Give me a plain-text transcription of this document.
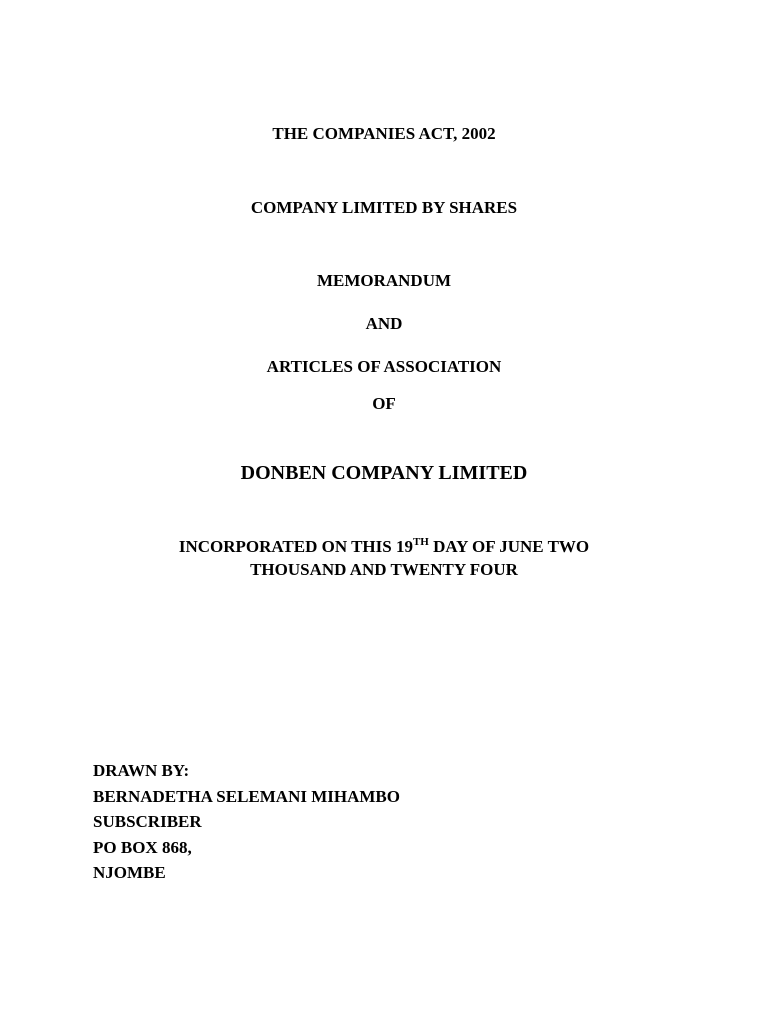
THE COMPANIES ACT, 2002
COMPANY LIMITED BY SHARES
MEMORANDUM
AND
ARTICLES OF ASSOCIATION
OF
DONBEN COMPANY LIMITED
INCORPORATED ON THIS 19TH DAY OF JUNE TWO
THOUSAND AND TWENTY FOUR
DRAWN BY:
BERNADETHA SELEMANI MIHAMBO
SUBSCRIBER
PO BOX 868,
NJOMBE
